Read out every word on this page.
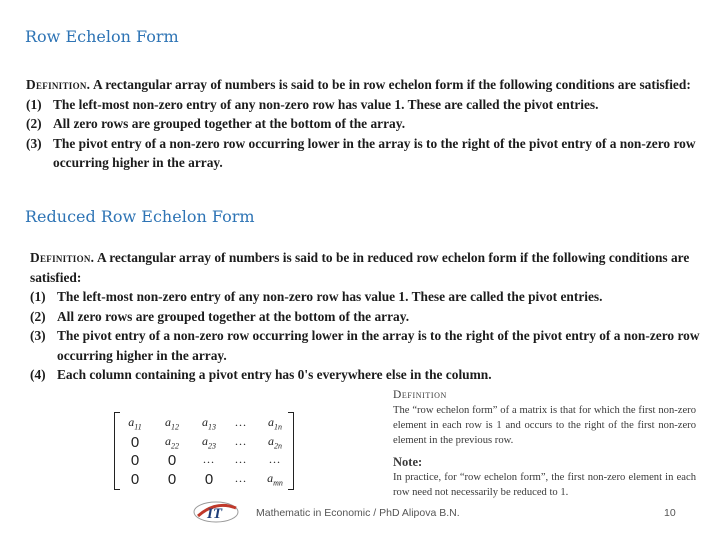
Row Echelon Form
Definition. A rectangular array of numbers is said to be in row echelon form if the following conditions are satisfied:
(1) The left-most non-zero entry of any non-zero row has value 1. These are called the pivot entries.
(2) All zero rows are grouped together at the bottom of the array.
(3) The pivot entry of a non-zero row occurring lower in the array is to the right of the pivot entry of a non-zero row occurring higher in the array.
Reduced Row Echelon Form
Definition. A rectangular array of numbers is said to be in reduced row echelon form if the following conditions are satisfied:
(1) The left-most non-zero entry of any non-zero row has value 1. These are called the pivot entries.
(2) All zero rows are grouped together at the bottom of the array.
(3) The pivot entry of a non-zero row occurring lower in the array is to the right of the pivot entry of a non-zero row occurring higher in the array.
(4) Each column containing a pivot entry has 0's everywhere else in the column.
$a_{11}$	$a_{12}$	$a_{13}$	…	$a_{1n}$
0	$a_{22}$	$a_{23}$	…	$a_{2n}$
0	0	…	…	…
0	0	0	…	$a_{mn}$
Definition

The “row echelon form” of a matrix is that for which the first non-zero element in each row is 1 and occurs to the right of the first non-zero element in the previous row.

Note:

In practice, for “row echelon form”, the first non-zero element in each row need not necessarily be reduced to 1.

IT	Mathematic in Economic / PhD Alipova B.N.	10
